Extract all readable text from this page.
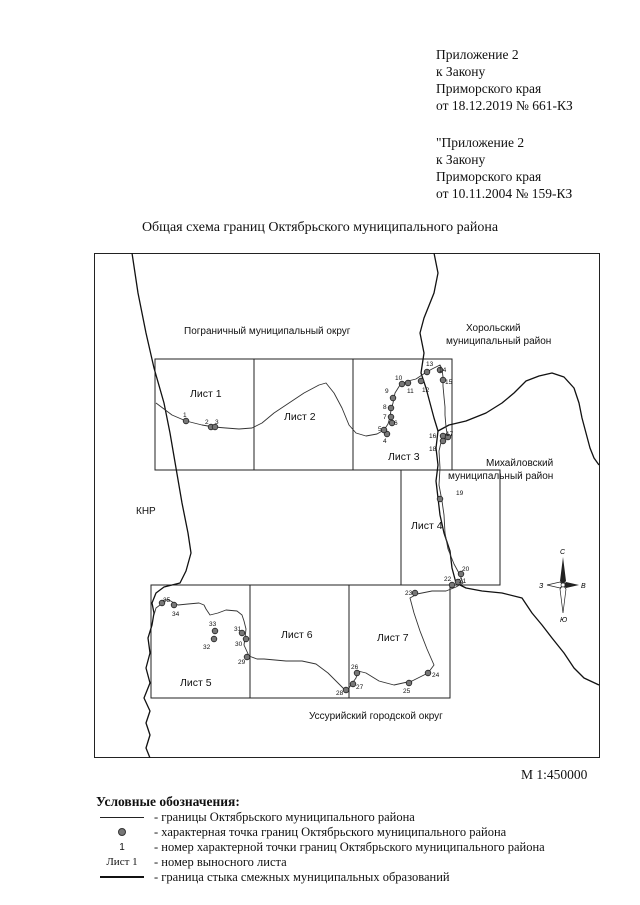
Приложение 2
к Закону
Приморского края
от 18.12.2019 № 661-КЗ
"Приложение 2
к Закону
Приморского края
от 10.11.2004 № 159-КЗ
Общая схема границ Октябрьского муниципального района
1
2 3
4
5
6
7
8
9
10
11 12
13
14
15
16 17
18
19
20
21
22
23
24
25
26
27
28
29
30
31
32
33
34
35
Лист 1
Лист 2
Лист 3
Лист 4
Лист 5
Лист 6	Лист 7
Пограничный муниципальный округ	Хорольский
муниципальный район
Михайловский
муниципальный район
КНР
Уссурийский городской округ
С
Ю
З	В
М 1:450000
Условные обозначения:
- границы Октябрьского муниципального района
- характерная точка границ Октябрьского муниципального района
1	- номер характерной точки границ Октябрьского муниципального района
Лист 1	- номер выносного листа
- граница стыка смежных муниципальных образований
